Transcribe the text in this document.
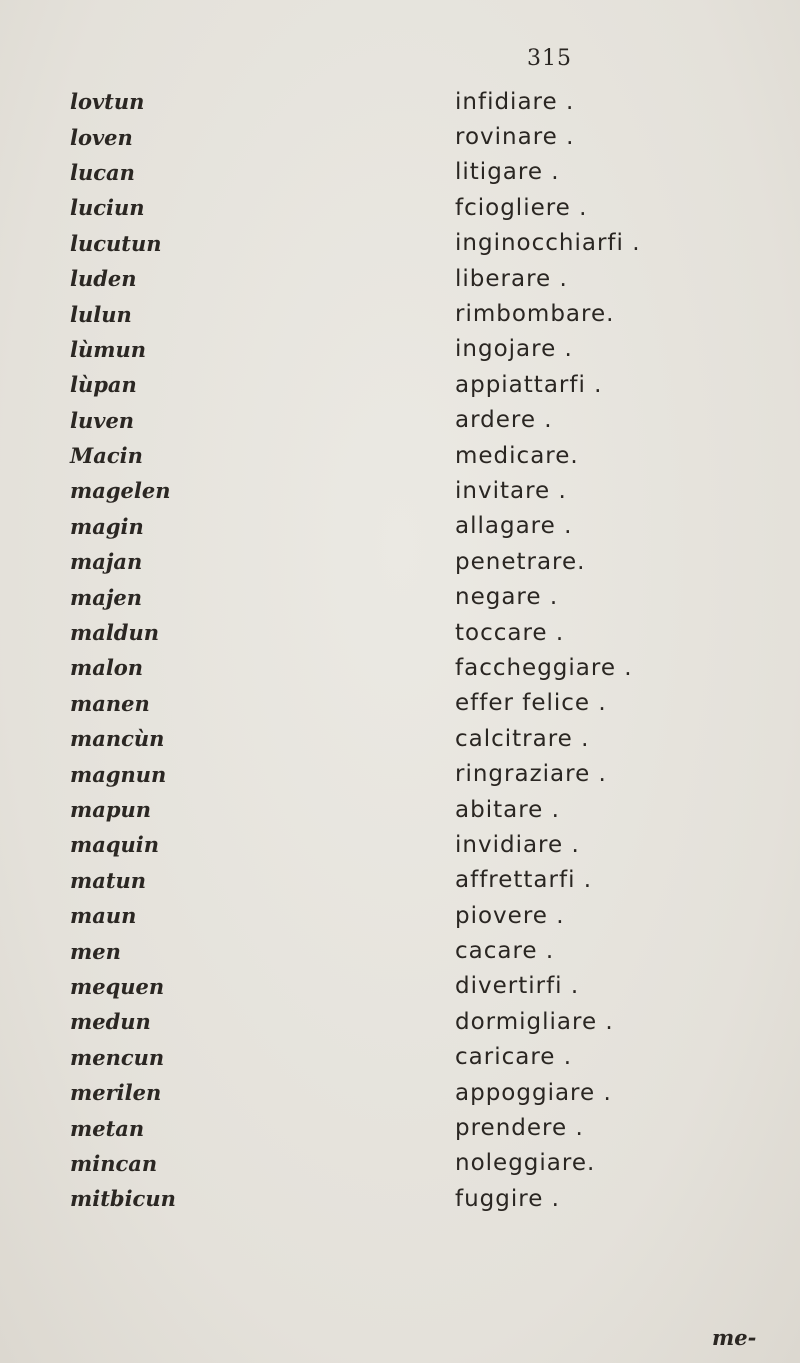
315
lovtun	infidiare .
loven	rovinare .
lucan	litigare .
luciun	fciogliere .
lucutun	inginocchiarfi .
luden	liberare .
lulun	rimbombare.
lùmun	ingojare .
lùpan	appiattarfi .
luven	ardere .
Macin	medicare.
magelen	invitare .
magin	allagare .
majan	penetrare.
majen	negare .
maldun	toccare .
malon	faccheggiare .
manen	effer felice .
mancùn	calcitrare .
magnun	ringraziare .
mapun	abitare .
maquin	invidiare .
matun	affrettarfi .
maun	piovere .
men	cacare .
mequen	divertirfi .
medun	dormigliare .
mencun	caricare .
merilen	appoggiare .
metan	prendere .
mincan	noleggiare.
mitbicun	fuggire .
me-
